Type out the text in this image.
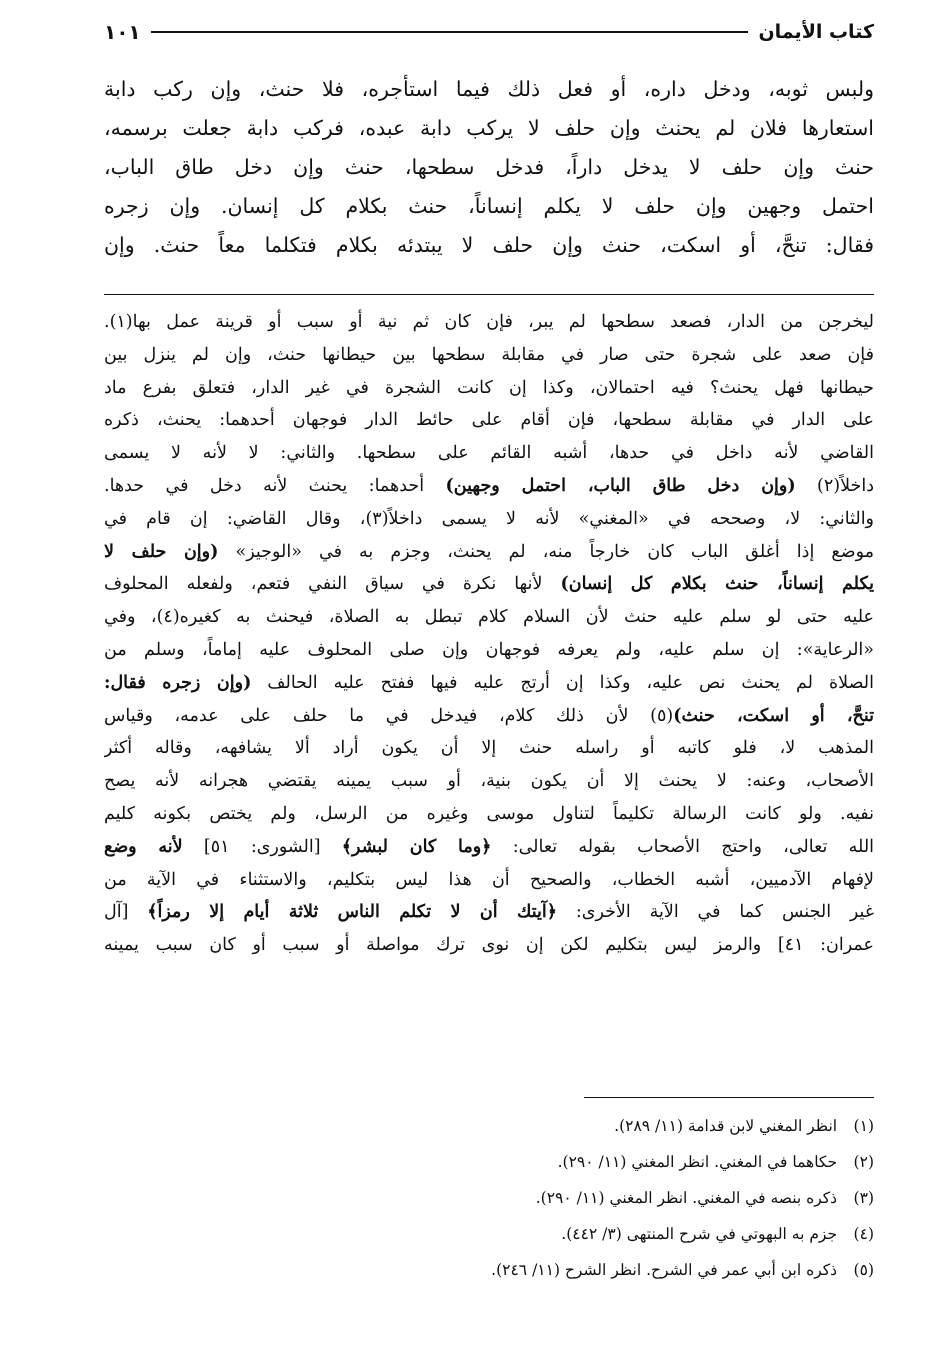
كتاب الأيمان
١٠١
ولبس ثوبه، ودخل داره، أو فعل ذلك فيما استأجره، فلا حنث، وإن ركب دابة
استعارها فلان لم يحنث وإن حلف لا يركب دابة عبده، فركب دابة جعلت برسمه،
حنث وإن حلف لا يدخل داراً، فدخل سطحها، حنث وإن دخل طاق الباب،
احتمل وجهين وإن حلف لا يكلم إنساناً، حنث بكلام كل إنسان. وإن زجره
فقال: تنحَّ، أو اسكت، حنث وإن حلف لا يبتدئه بكلام فتكلما معاً حنث. وإن
ليخرجن من الدار، فصعد سطحها لم يبر، فإن كان ثم نية أو سبب أو قرينة عمل بها(١).
فإن صعد على شجرة حتى صار في مقابلة سطحها بين حيطانها حنث، وإن لم ينزل بين
حيطانها فهل يحنث؟ فيه احتمالان، وكذا إن كانت الشجرة في غير الدار، فتعلق بفرع ماد
على الدار في مقابلة سطحها، فإن أقام على حائط الدار فوجهان أحدهما: يحنث، ذكره
القاضي لأنه داخل في حدها، أشبه القائم على سطحها. والثاني: لا لأنه لا يسمى
داخلاً(٢) (وإن دخل طاق الباب، احتمل وجهين) أحدهما: يحنث لأنه دخل في حدها.
والثاني: لا، وصححه في «المغني» لأنه لا يسمى داخلاً(٣)، وقال القاضي: إن قام في
موضع إذا أغلق الباب كان خارجاً منه، لم يحنث، وجزم به في «الوجيز» (وإن حلف لا
يكلم إنساناً، حنث بكلام كل إنسان) لأنها نكرة في سياق النفي فتعم، ولفعله المحلوف
عليه حتى لو سلم عليه حنث لأن السلام كلام تبطل به الصلاة، فيحنث به كغيره(٤)، وفي
«الرعاية»: إن سلم عليه، ولم يعرفه فوجهان وإن صلى المحلوف عليه إماماً، وسلم من
الصلاة لم يحنث نص عليه، وكذا إن أرتج عليه فيها ففتح عليه الحالف (وإن زجره فقال:
تنحَّ، أو اسكت، حنث)(٥) لأن ذلك كلام، فيدخل في ما حلف على عدمه، وقياس
المذهب لا، فلو كاتبه أو راسله حنث إلا أن يكون أراد ألا يشافهه، وقاله أكثر
الأصحاب، وعنه: لا يحنث إلا أن يكون بنية، أو سبب يمينه يقتضي هجرانه لأنه يصح
نفيه. ولو كانت الرسالة تكليماً لتناول موسى وغيره من الرسل، ولم يختص بكونه كليم
الله تعالى، واحتج الأصحاب بقوله تعالى: ﴿وما كان لبشر﴾ [الشورى: ٥١] لأنه وضع
لإفهام الآدميين، أشبه الخطاب، والصحيح أن هذا ليس بتكليم، والاستثناء في الآية من
غير الجنس كما في الآية الأخرى: ﴿آيتك أن لا تكلم الناس ثلاثة أيام إلا رمزاً﴾ [آل
عمران: ٤١] والرمز ليس بتكليم لكن إن نوى ترك مواصلة أو سبب أو كان سبب يمينه
(١) انظر المغني لابن قدامة (١١/ ٢٨٩).
(٢) حكاهما في المغني. انظر المغني (١١/ ٢٩٠).
(٣) ذكره بنصه في المغني. انظر المغني (١١/ ٢٩٠).
(٤) جزم به البهوتي في شرح المنتهى (٣/ ٤٤٢).
(٥) ذكره ابن أبي عمر في الشرح. انظر الشرح (١١/ ٢٤٦).
